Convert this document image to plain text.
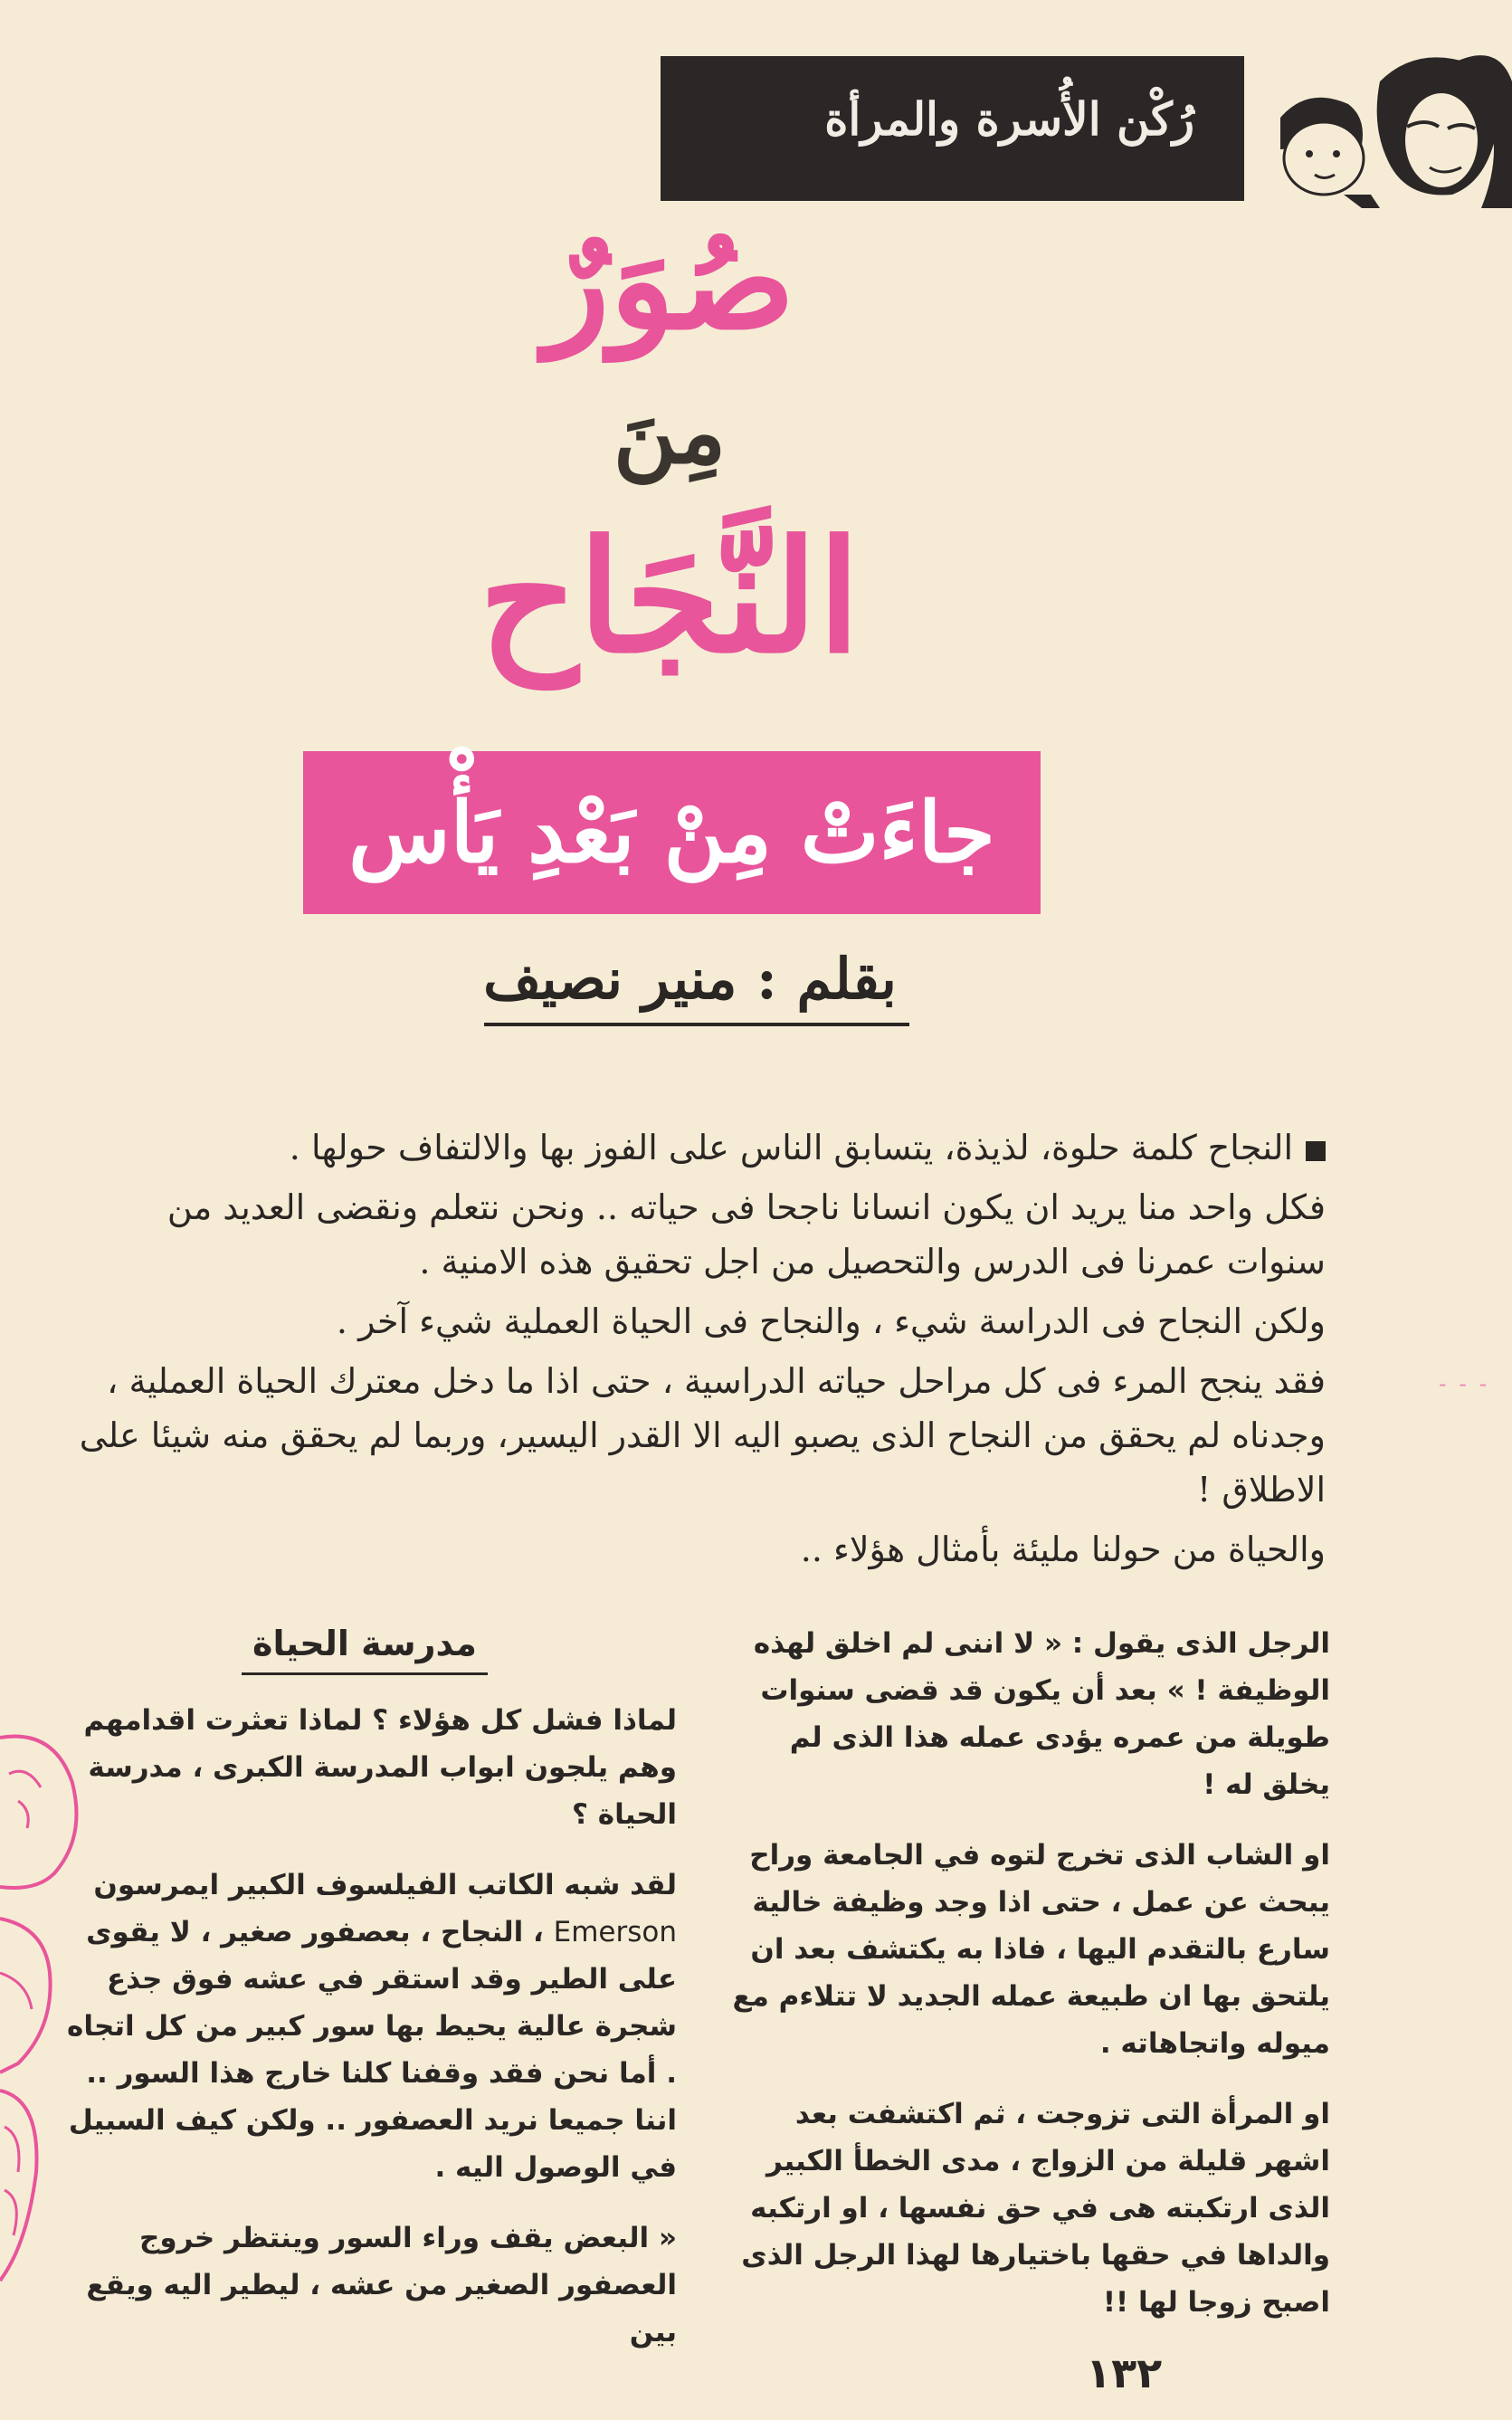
رُكْن الأُسرة والمرأة
صُوَرٌ
مِنَ
النَّجَاح
جاءَتْ مِنْ بَعْدِ يَأْس
بقلم : منير نصيف

النجاح كلمة حلوة، لذيذة، يتسابق الناس على الفوز بها والالتفاف حولها .

فكل واحد منا يريد ان يكون انسانا ناجحا فى حياته .. ونحن نتعلم ونقضى العديد من سنوات عمرنا فى الدرس والتحصيل من اجل تحقيق هذه الامنية .

ولكن النجاح فى الدراسة شيء ، والنجاح فى الحياة العملية شيء آخر .

فقد ينجح المرء فى كل مراحل حياته الدراسية ، حتى اذا ما دخل معترك الحياة العملية ، وجدناه لم يحقق من النجاح الذى يصبو اليه الا القدر اليسير، وربما لم يحقق منه شيئا على الاطلاق !

والحياة من حولنا مليئة بأمثال هؤلاء ..

- - -

الرجل الذى يقول : « لا اننى لم اخلق لهذه الوظيفة ! » بعد أن يكون قد قضى سنوات طويلة من عمره يؤدى عمله هذا الذى لم يخلق له !

او الشاب الذى تخرج لتوه في الجامعة وراح يبحث عن عمل ، حتى اذا وجد وظيفة خالية سارع بالتقدم اليها ، فاذا به يكتشف بعد ان يلتحق بها ان طبيعة عمله الجديد لا تتلاءم مع ميوله واتجاهاته .

او المرأة التى تزوجت ، ثم اكتشفت بعد اشهر قليلة من الزواج ، مدى الخطأ الكبير الذى ارتكبته هى في حق نفسها ، او ارتكبه والداها في حقها باختيارها لهذا الرجل الذى اصبح زوجا لها !!

مدرسة الحياة

لماذا فشل كل هؤلاء ؟ لماذا تعثرت اقدامهم وهم يلجون ابواب المدرسة الكبرى ، مدرسة الحياة ؟

لقد شبه الكاتب الفيلسوف الكبير ايمرسون Emerson ، النجاح ، بعصفور صغير ، لا يقوى على الطير وقد استقر في عشه فوق جذع شجرة عالية يحيط بها سور كبير من كل اتجاه . أما نحن فقد وقفنا كلنا خارج هذا السور .. اننا جميعا نريد العصفور .. ولكن كيف السبيل في الوصول اليه .

« البعض يقف وراء السور وينتظر خروج العصفور الصغير من عشه ، ليطير اليه ويقع بين

١٣٢
